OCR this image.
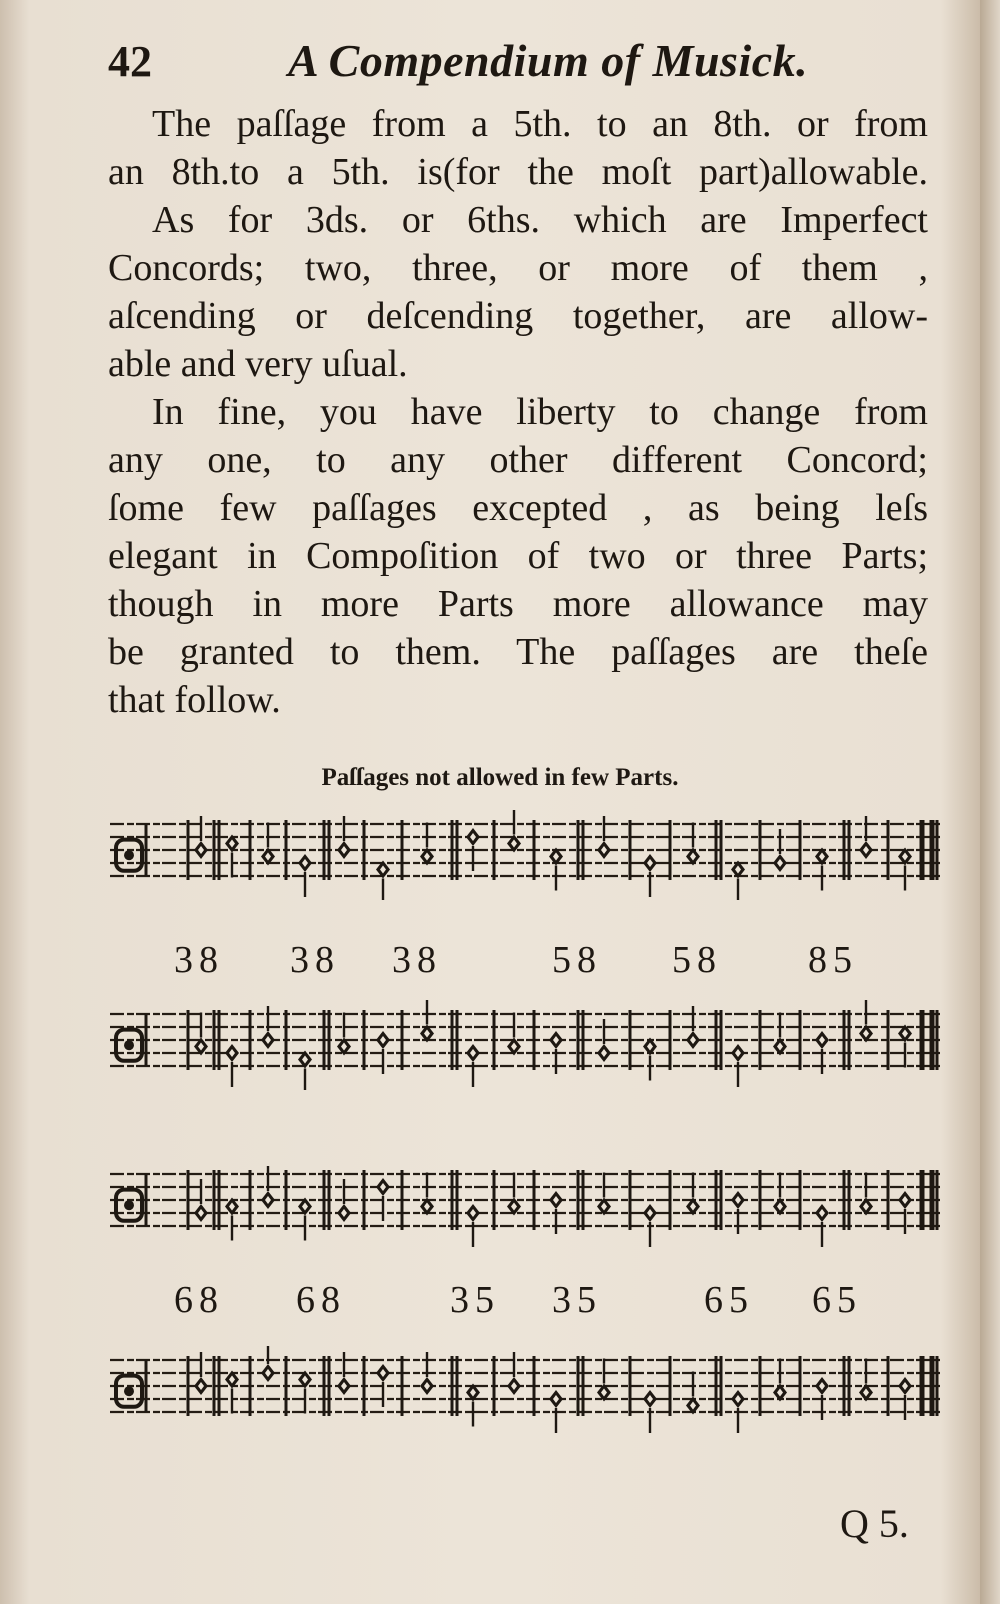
42	A Compendium of Musick.
The paſſage from a 5th. to an 8th. or from
an 8th.to a 5th. is(for the moſt part)allowable.
As for 3ds. or 6ths. which are Imperfect
Concords; two, three, or more of them ,
aſcending or deſcending together, are allow-
able and very uſual.
In fine, you have liberty to change from
any one, to any other different Concord;
ſome few paſſages excepted , as being leſs
elegant in Compoſition of two or three Parts;
though in more Parts more allowance may
be granted to them. The paſſages are theſe
that follow.
Paſſages not allowed in few Parts.
38 38 38	58 58 85
68 68	35 35	65 65
Q 5.
